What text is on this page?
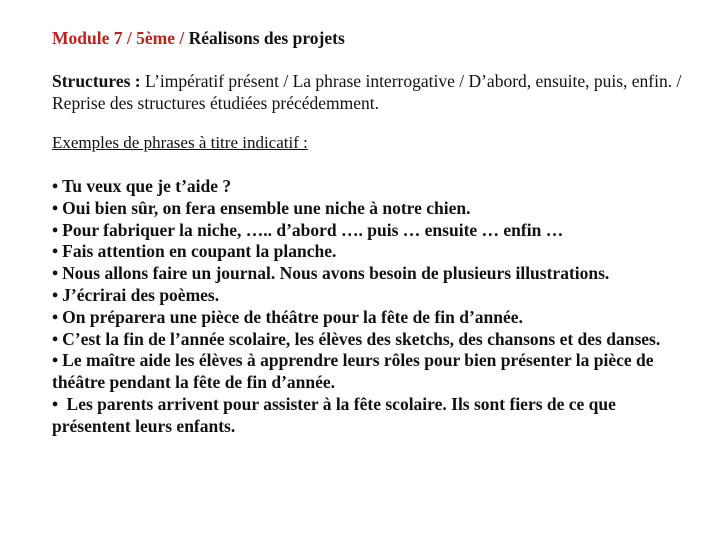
Module 7 / 5ème / Réalisons des projets

Structures : L’impératif présent / La phrase interrogative / D’abord, ensuite, puis, enfin. / Reprise des structures étudiées précédemment.
Exemples de phrases à titre indicatif :
• Tu veux que je t’aide ?
• Oui bien sûr, on fera ensemble une niche à notre chien.
• Pour fabriquer la niche, ….. d’abord …. puis … ensuite … enfin …
• Fais attention en coupant la planche.
• Nous allons faire un journal. Nous avons besoin de plusieurs illustrations.
• J’écrirai des poèmes.
• On préparera une pièce de théâtre pour la fête de fin d’année.
• C’est la fin de l’année scolaire, les élèves des sketchs, des chansons et des danses.
• Le maître aide les élèves à apprendre leurs rôles pour bien présenter la pièce de théâtre pendant la fête de fin d’année.
• Les parents arrivent pour assister à la fête scolaire. Ils sont fiers de ce que présentent leurs enfants.
